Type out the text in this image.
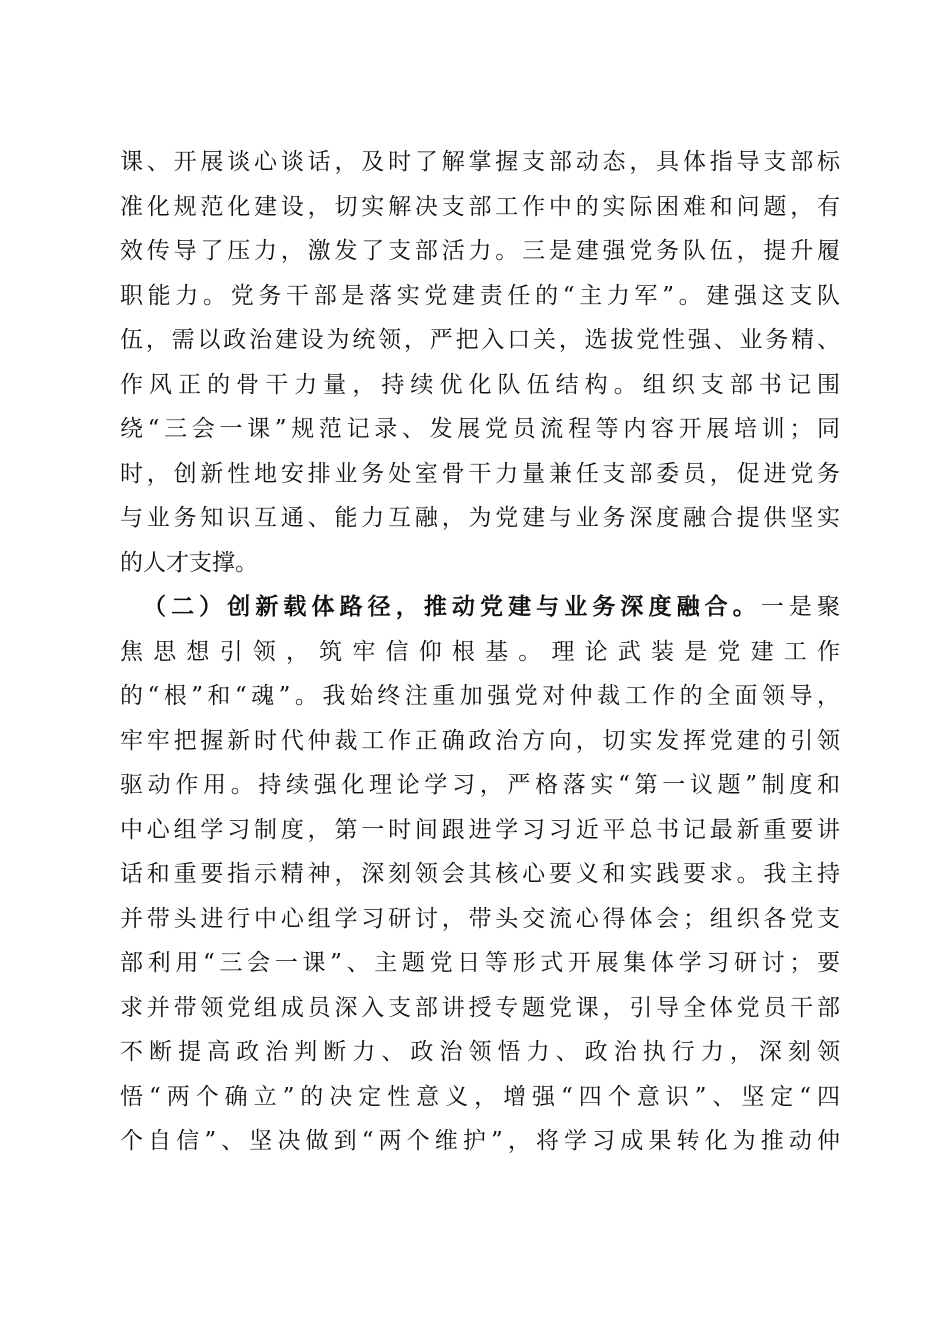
课、开展谈心谈话，及时了解掌握支部动态，具体指导支部标
准化规范化建设，切实解决支部工作中的实际困难和问题，有
效传导了压力，激发了支部活力。三是建强党务队伍，提升履
职能力。党务干部是落实党建责任的“主力军”。建强这支队
伍，需以政治建设为统领，严把入口关，选拔党性强、业务精、
作风正的骨干力量，持续优化队伍结构。组织支部书记围
绕“三会一课”规范记录、发展党员流程等内容开展培训；同
时，创新性地安排业务处室骨干力量兼任支部委员，促进党务
与业务知识互通、能力互融，为党建与业务深度融合提供坚实
的人才支撑。
（二）创新载体路径，推动党建与业务深度融合。一是聚
焦思想引领，筑牢信仰根基。理论武装是党建工作
的“根”和“魂”。我始终注重加强党对仲裁工作的全面领导，
牢牢把握新时代仲裁工作正确政治方向，切实发挥党建的引领
驱动作用。持续强化理论学习，严格落实“第一议题”制度和
中心组学习制度，第一时间跟进学习习近平总书记最新重要讲
话和重要指示精神，深刻领会其核心要义和实践要求。我主持
并带头进行中心组学习研讨，带头交流心得体会；组织各党支
部利用“三会一课”、主题党日等形式开展集体学习研讨；要
求并带领党组成员深入支部讲授专题党课，引导全体党员干部
不断提高政治判断力、政治领悟力、政治执行力，深刻领
悟“两个确立”的决定性意义，增强“四个意识”、坚定“四
个自信”、坚决做到“两个维护”，将学习成果转化为推动仲
